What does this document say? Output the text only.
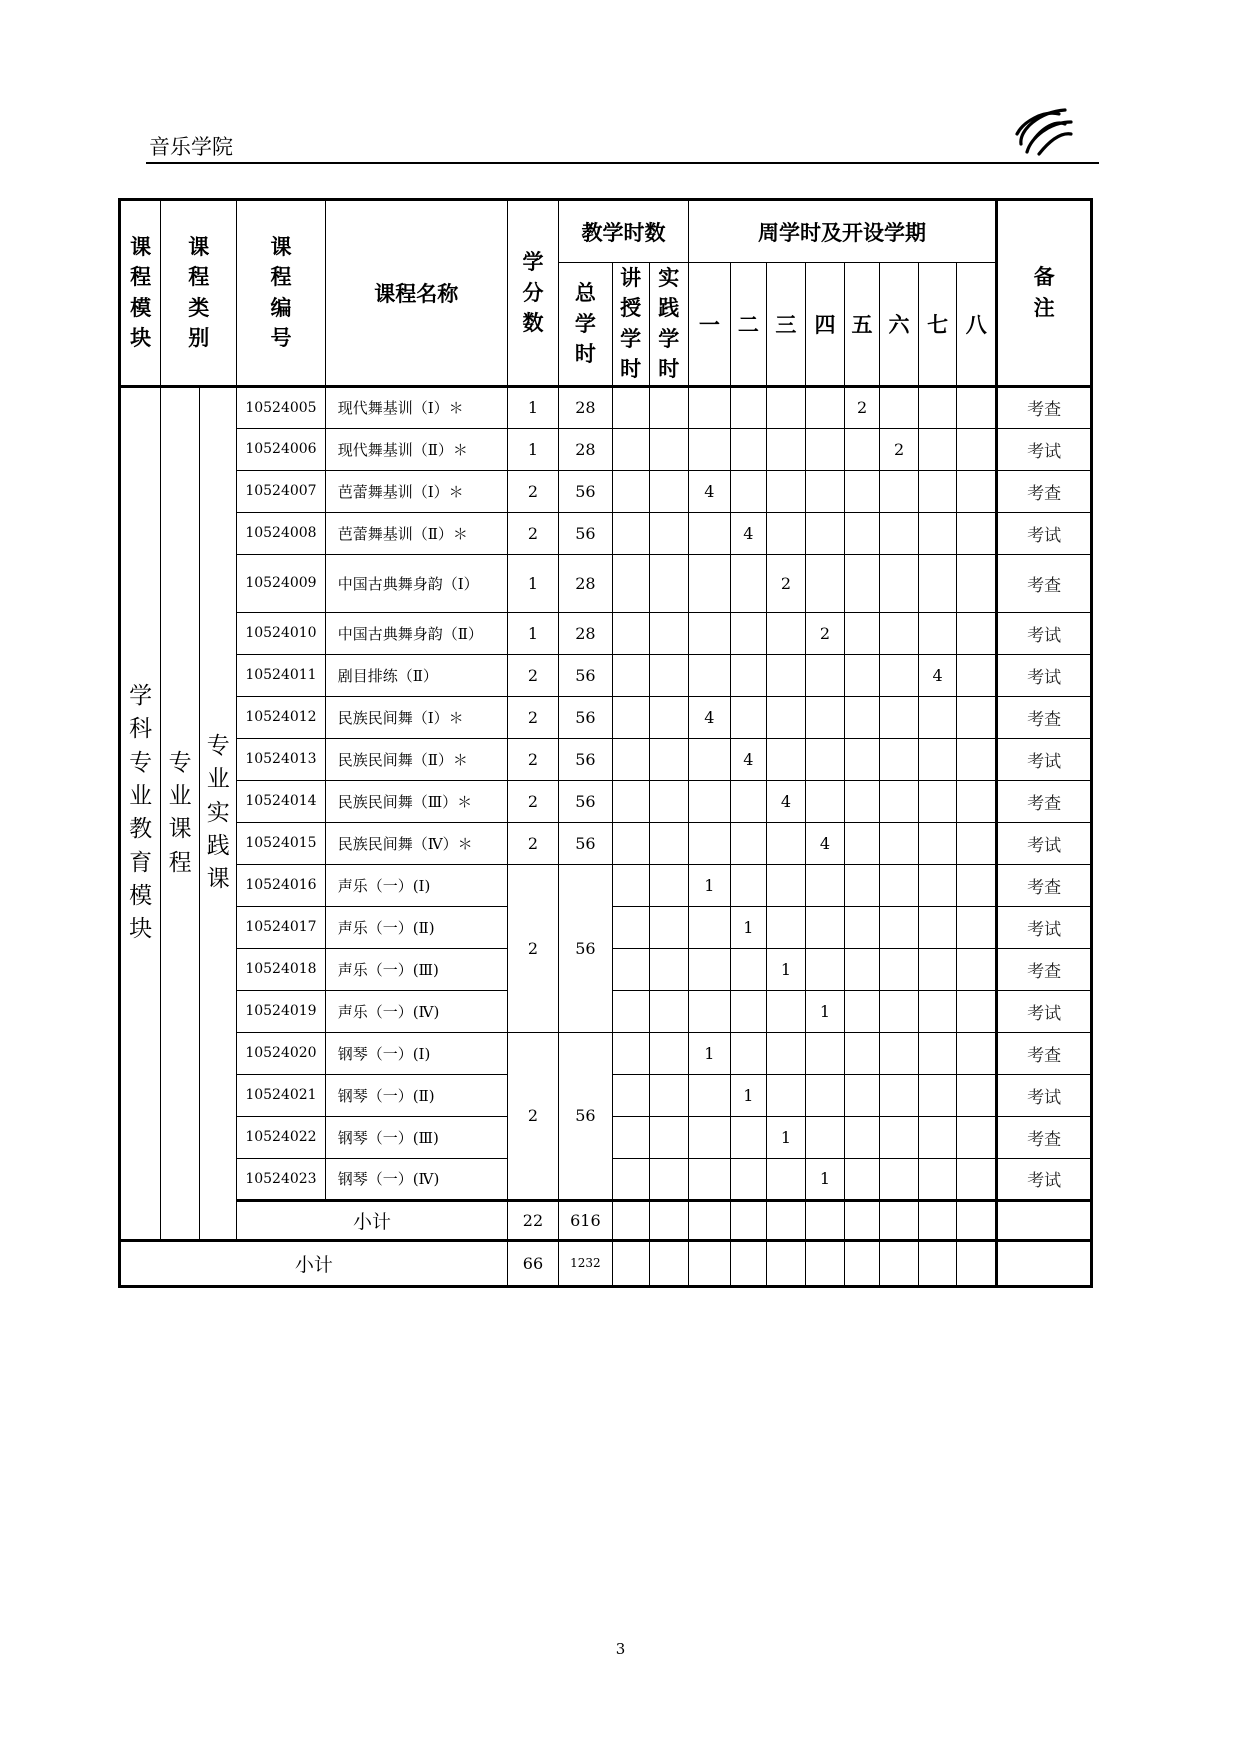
音乐学院
课程模块	课程类别		课程编号	课程名称	学分数	教学时数			周学时及开设学期								备注
						总学时	讲授学时	实践学时	一	二	三	四	五	六	七	八	
学科专业教育模块	专业课程	专业实践课	10524005	现代舞基训（Ⅰ）＊	1	28							2				考查
			10524006	现代舞基训（Ⅱ）＊	1	28								2			考试
			10524007	芭蕾舞基训（Ⅰ）＊	2	56			4								考查
			10524008	芭蕾舞基训（Ⅱ）＊	2	56				4							考试
			10524009	中国古典舞身韵（Ⅰ）	1	28					2						考查
			10524010	中国古典舞身韵（Ⅱ）	1	28						2					考试
			10524011	剧目排练（Ⅱ）	2	56									4		考试
			10524012	民族民间舞（Ⅰ）＊	2	56			4								考查
			10524013	民族民间舞（Ⅱ）＊	2	56				4							考试
			10524014	民族民间舞（Ⅲ）＊	2	56					4						考查
			10524015	民族民间舞（Ⅳ）＊	2	56						4					考试
			10524016	声乐（一）(Ⅰ)	2	56			1								考查
			10524017	声乐（一）(Ⅱ)						1							考试
			10524018	声乐（一）(Ⅲ)							1						考查
			10524019	声乐（一）(Ⅳ)								1					考试
			10524020	钢琴（一）(Ⅰ)	2	56			1								考查
			10524021	钢琴（一）(Ⅱ)						1							考试
			10524022	钢琴（一）(Ⅲ)							1						考查
			10524023	钢琴（一）(Ⅳ)								1					考试
			小计		22	616											
小计					66	1232											
3
